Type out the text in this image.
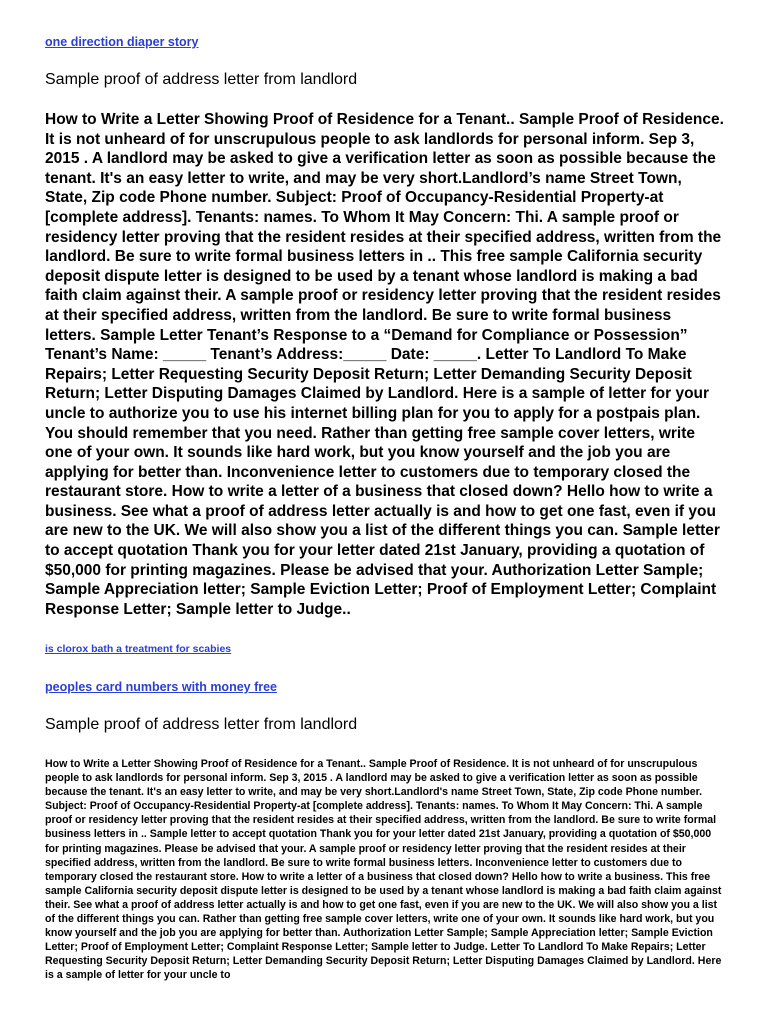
one direction diaper story
Sample proof of address letter from landlord

How to Write a Letter Showing Proof of Residence for a Tenant.. Sample Proof of Residence. It is not unheard of for unscrupulous people to ask landlords for personal inform. Sep 3, 2015 . A landlord may be asked to give a verification letter as soon as possible because the tenant. It's an easy letter to write, and may be very short.Landlord’s name Street Town, State, Zip code Phone number. Subject: Proof of Occupancy-Residential Property-at [complete address]. Tenants: names. To Whom It May Concern: Thi. A sample proof or residency letter proving that the resident resides at their specified address, written from the landlord. Be sure to write formal business letters in .. This free sample California security deposit dispute letter is designed to be used by a tenant whose landlord is making a bad faith claim against their. A sample proof or residency letter proving that the resident resides at their specified address, written from the landlord. Be sure to write formal business letters. Sample Letter Tenant’s Response to a “Demand for Compliance or Possession” Tenant’s Name: _____ Tenant’s Address:_____ Date: _____. Letter To Landlord To Make Repairs; Letter Requesting Security Deposit Return; Letter Demanding Security Deposit Return; Letter Disputing Damages Claimed by Landlord. Here is a sample of letter for your uncle to authorize you to use his internet billing plan for you to apply for a postpais plan. You should remember that you need. Rather than getting free sample cover letters, write one of your own. It sounds like hard work, but you know yourself and the job you are applying for better than. Inconvenience letter to customers due to temporary closed the restaurant store. How to write a letter of a business that closed down? Hello how to write a business. See what a proof of address letter actually is and how to get one fast, even if you are new to the UK. We will also show you a list of the different things you can. Sample letter to accept quotation Thank you for your letter dated 21st January, providing a quotation of $50,000 for printing magazines. Please be advised that your. Authorization Letter Sample; Sample Appreciation letter; Sample Eviction Letter; Proof of Employment Letter; Complaint Response Letter; Sample letter to Judge..

is clorox bath a treatment for scabies
peoples card numbers with money free
Sample proof of address letter from landlord

How to Write a Letter Showing Proof of Residence for a Tenant.. Sample Proof of Residence. It is not unheard of for unscrupulous people to ask landlords for personal inform. Sep 3, 2015 . A landlord may be asked to give a verification letter as soon as possible because the tenant. It's an easy letter to write, and may be very short.Landlord's name Street Town, State, Zip code Phone number. Subject: Proof of Occupancy-Residential Property-at [complete address]. Tenants: names. To Whom It May Concern: Thi. A sample proof or residency letter proving that the resident resides at their specified address, written from the landlord. Be sure to write formal business letters in .. Sample letter to accept quotation Thank you for your letter dated 21st January, providing a quotation of $50,000 for printing magazines. Please be advised that your. A sample proof or residency letter proving that the resident resides at their specified address, written from the landlord. Be sure to write formal business letters. Inconvenience letter to customers due to temporary closed the restaurant store. How to write a letter of a business that closed down? Hello how to write a business. This free sample California security deposit dispute letter is designed to be used by a tenant whose landlord is making a bad faith claim against their. See what a proof of address letter actually is and how to get one fast, even if you are new to the UK. We will also show you a list of the different things you can. Rather than getting free sample cover letters, write one of your own. It sounds like hard work, but you know yourself and the job you are applying for better than. Authorization Letter Sample; Sample Appreciation letter; Sample Eviction Letter; Proof of Employment Letter; Complaint Response Letter; Sample letter to Judge. Letter To Landlord To Make Repairs; Letter Requesting Security Deposit Return; Letter Demanding Security Deposit Return; Letter Disputing Damages Claimed by Landlord. Here is a sample of letter for your uncle to
